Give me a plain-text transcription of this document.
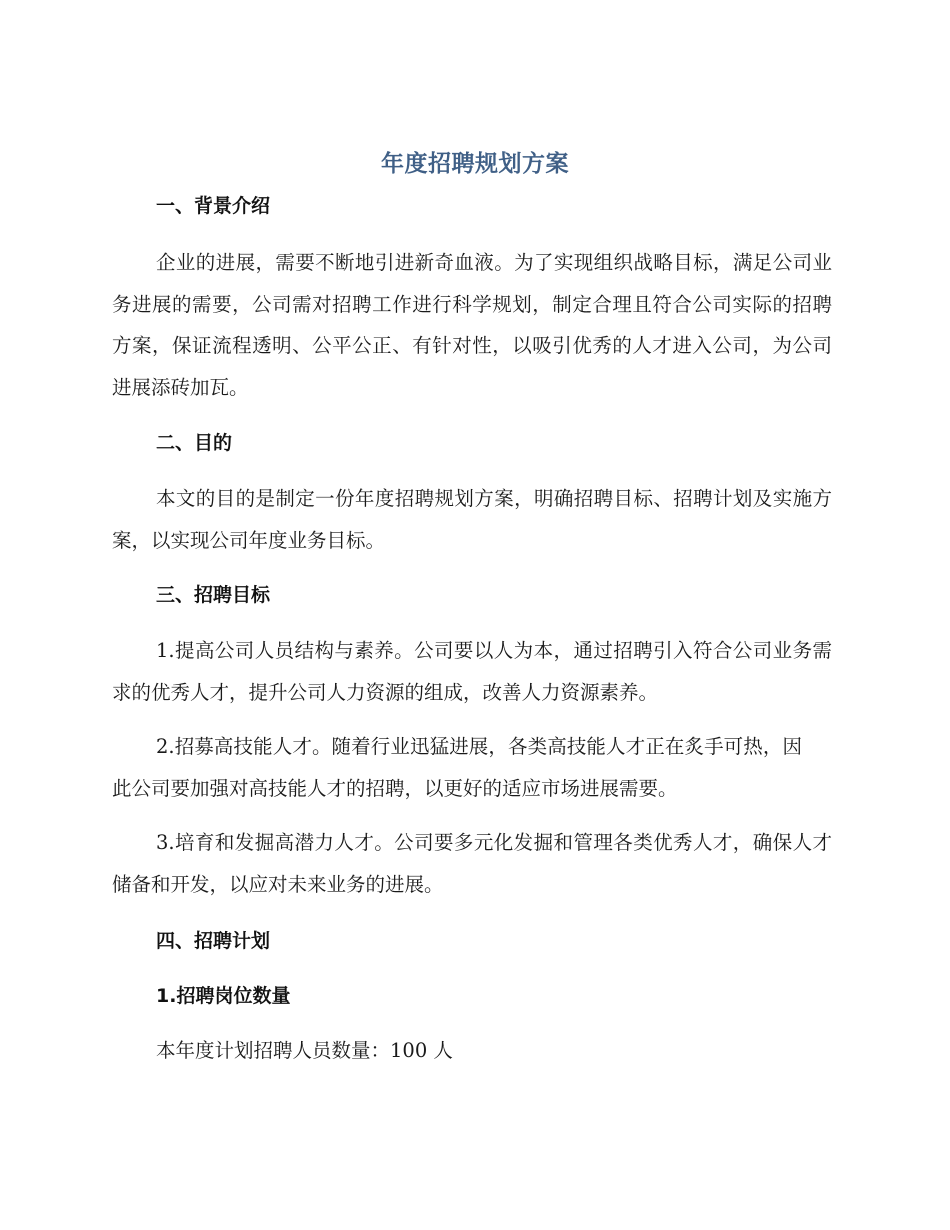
年度招聘规划方案
一、背景介绍
企业的进展，需要不断地引进新奇血液。为了实现组织战略目标，满足公司业务进展的需要，公司需对招聘工作进行科学规划，制定合理且符合公司实际的招聘方案，保证流程透明、公平公正、有针对性，以吸引优秀的人才进入公司，为公司进展添砖加瓦。
二、目的
本文的目的是制定一份年度招聘规划方案，明确招聘目标、招聘计划及实施方案，以实现公司年度业务目标。
三、招聘目标
1.提高公司人员结构与素养。公司要以人为本，通过招聘引入符合公司业务需求的优秀人才，提升公司人力资源的组成，改善人力资源素养。
2.招募高技能人才。随着行业迅猛进展，各类高技能人才正在炙手可热，因此公司要加强对高技能人才的招聘，以更好的适应市场进展需要。
3.培育和发掘高潜力人才。公司要多元化发掘和管理各类优秀人才，确保人才储备和开发，以应对未来业务的进展。
四、招聘计划
1.招聘岗位数量
本年度计划招聘人员数量：100 人
